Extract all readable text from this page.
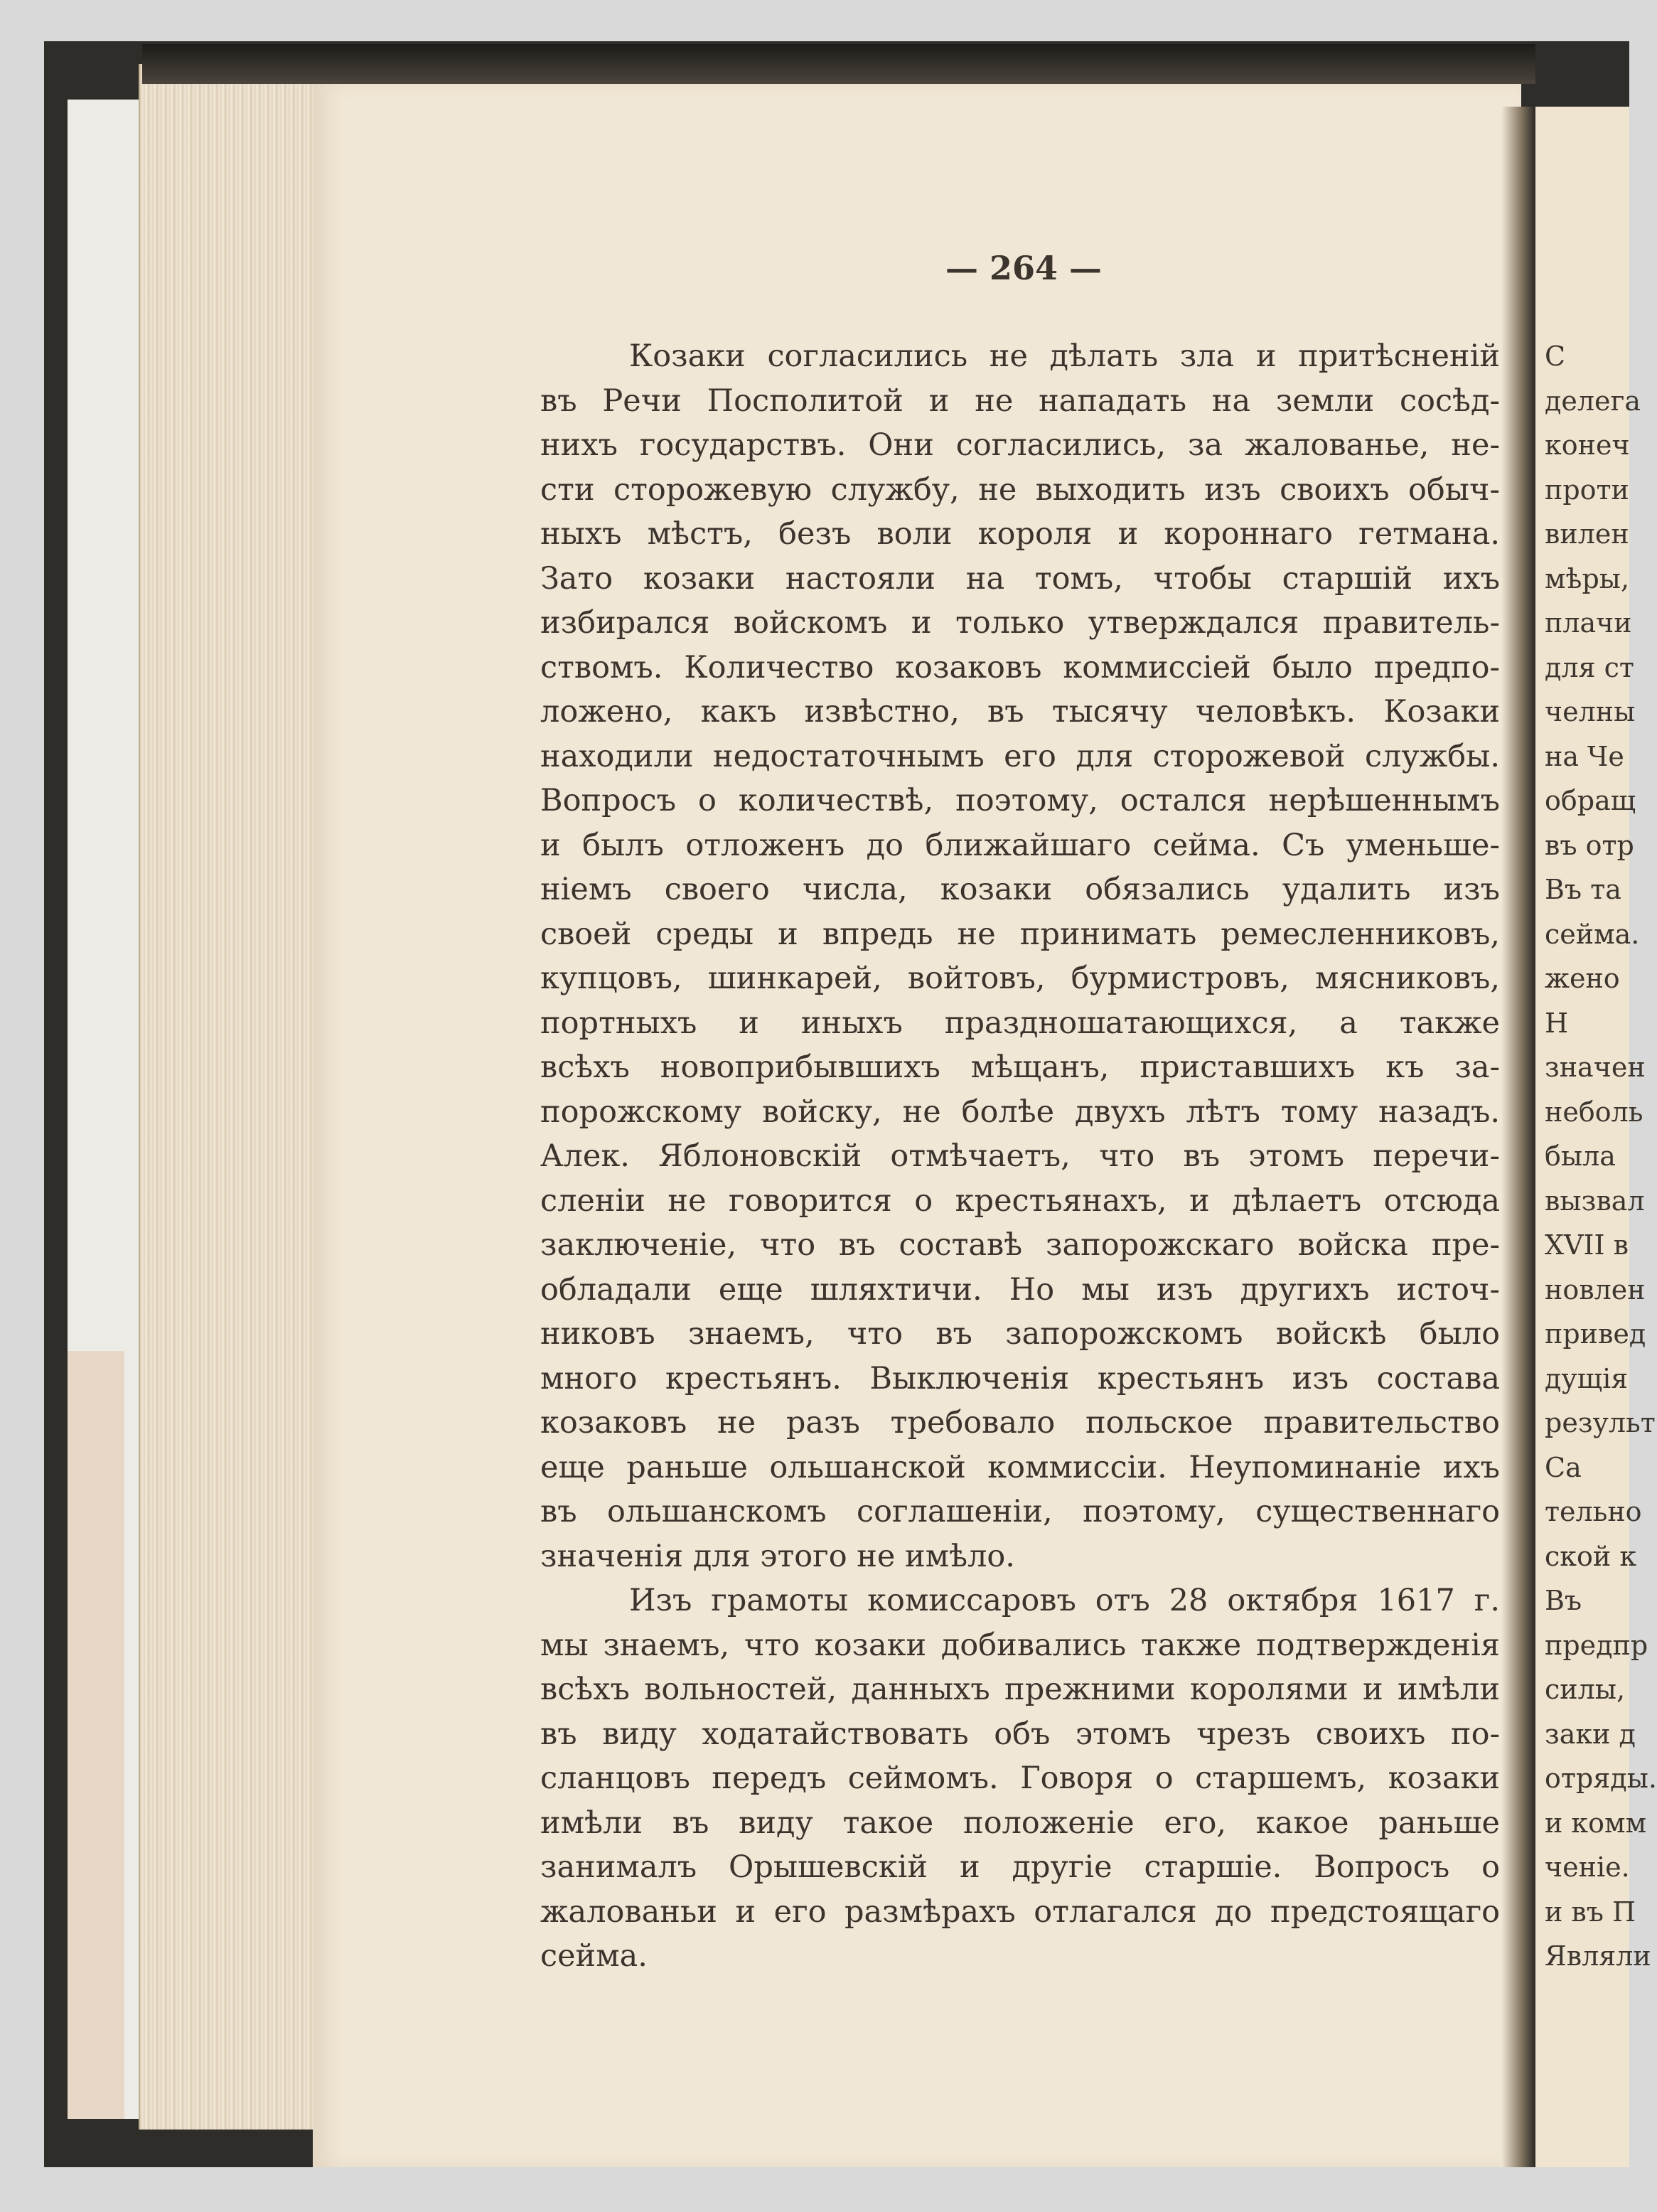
— 264 —
Козаки согласились не дѣлать зла и притѣсненій
въ Речи Посполитой и не нападать на земли сосѣд-
нихъ государствъ. Они согласились, за жалованье, не-
сти сторожевую службу, не выходить изъ своихъ обыч-
ныхъ мѣстъ, безъ воли короля и короннаго гетмана.
Зато козаки настояли на томъ, чтобы старшій ихъ
избирался войскомъ и только утверждался правитель-
ствомъ. Количество козаковъ коммиссіей было предпо-
ложено, какъ извѣстно, въ тысячу человѣкъ. Козаки
находили недостаточнымъ его для сторожевой службы.
Вопросъ о количествѣ, поэтому, остался нерѣшеннымъ
и былъ отложенъ до ближайшаго сейма. Съ уменьше-
ніемъ своего числа, козаки обязались удалить изъ
своей среды и впредь не принимать ремесленниковъ,
купцовъ, шинкарей, войтовъ, бурмистровъ, мясниковъ,
портныхъ и иныхъ праздношатающихся, а также
всѣхъ новоприбывшихъ мѣщанъ, приставшихъ къ за-
порожскому войску, не болѣе двухъ лѣтъ тому назадъ.
Алек. Яблоновскій отмѣчаетъ, что въ этомъ перечи-
сленіи не говорится о крестьянахъ, и дѣлаетъ отсюда
заключеніе, что въ составѣ запорожскаго войска пре-
обладали еще шляхтичи. Но мы изъ другихъ источ-
никовъ знаемъ, что въ запорожскомъ войскѣ было
много крестьянъ. Выключенія крестьянъ изъ состава
козаковъ не разъ требовало польское правительство
еще раньше ольшанской коммиссіи. Неупоминаніе ихъ
въ ольшанскомъ соглашеніи, поэтому, существеннаго
значенія для этого не имѣло.
Изъ грамоты комиссаровъ отъ 28 октября 1617 г.
мы знаемъ, что козаки добивались также подтвержденія
всѣхъ вольностей, данныхъ прежними королями и имѣли
въ виду ходатайствовать объ этомъ чрезъ своихъ по-
сланцовъ передъ сеймомъ. Говоря о старшемъ, козаки
имѣли въ виду такое положеніе его, какое раньше
занималъ Орышевскій и другіе старшіе. Вопросъ о
жалованьи и его размѣрахъ отлагался до предстоящаго
сейма.
С
делега
конеч
проти
вилен
мѣры,
плачи
для ст
челны
на Че
обращ
въ отр
Въ та
сейма.
жено
Н
значен
неболь
была
вызвал
XVII в
новлен
привед
дущія
результ
Са
тельно
ской к
Въ
предпр
силы,
заки д
отряды.
и комм
ченіе.
и въ П
Являли
